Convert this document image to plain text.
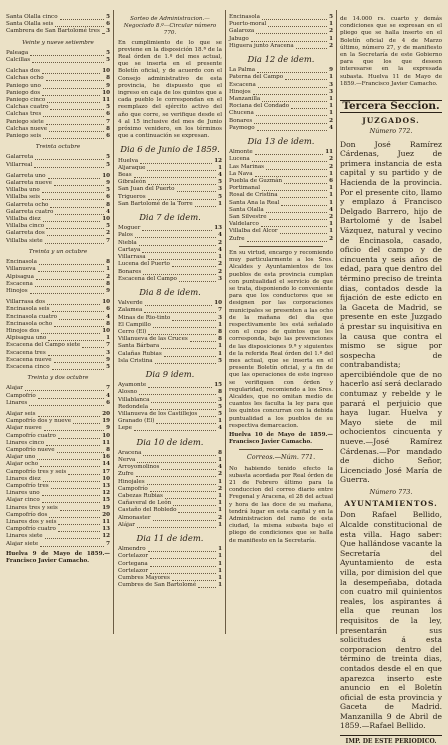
Santa Olalla cinco	5
Santa Olalla seis	6
Cambrera de San Bartolomé tres 3
Veinte y nueve setiembre
Paleaga	5
Calcillas	5
Calchas dos	10
Calchas ocho	8
Paniego uno	9
Paniego dos	10
Paniego cinco	11
Calchas cuatro	5
Calchas tres	6
Paniego siete	7
Calchas nueve	8
Paniego seis	6
Treinta octubre
Galarreta	5
Villarreal	5
Galarreta uno	10
Galarreta nueve	9
Villalba uno	5
Villalba seis	6
Galarreta ocho	8
Galarreta cuatro	4
Villalba diez	10
Villalba cinco	5
Galarreta dos	2
Villalba siete	7
Treinta y un octubre
Encinasola	8
Villanueva	1
Alpisagua	2
Escacena	8
Hinojos	9
Villarrasa dos	10
Encinasola seis	6
Encinasola cuatro	4
Encinasola ocho	8
Hinojos dos	10
Alpisagua uno	1
Escacena del Campo siete	7
Escacena tres	3
Escacena nueve	9
Escacena cinco	5
Treinta y dos octubre
Alajar	7
Campofrío	4
Linares	6
Alajar seis	20
Campofrío dos y nueve	19
Alajar nueve	9
Campofrío cuatro	10
Linares cinco	11
Campofrío nueve	8
Alajar uno	16
Alajar ocho	14
Campofrío tres y seis	17
Linares diez	10
Campofrío tres	13
Linares uno	12
Alajar cinco	15
Linares tres y seis	19
Campofrío dos	20
Linares dos y seis	11
Campofrío cuatro	13
Linares siete	12
Alajar siete	7
Huelva 9 de Mayo de 1859.—Francisco Javier Camacho.
Sorteo de Administracion.—Negociado 8.º—Circular número 770.
En cumplimiento de lo que se previene en la disposición 18.ª de la Real órden de 1.º del mes actual, que se inserta en el presente Boletín oficial, y de acuerdo con el Consejo administrativo de esta provincia, he dispuesto que el ingreso en caja de los quintos que a cada pueblo le correspondan en el reemplazo del ejército activo del año que corre, se verifique desde el 4 al 15 inclusive del mes de Junio próximo venidero, en los términos que a continuación se expresan.
Dia 6 de Junio de 1859.
Huelva	12
Aljaraque	1
Beas	4
Gibraleón	5
San Juan del Puerto	3
Trigueros	5
San Bartolomé de la Torre	1
Dia 7 de idem.
Moguer	13
Palos	4
Niebla	2
Cartaya	4
Villarrasa	1
Lucena del Puerto	2
Bonares	2
Escacena del Campo	3
Dia 8 de idem.
Valverde	10
Zalamea	7
Minas de Rio-tinto	3
El Campillo	1
Cerro (El)	8
Villanueva de las Cruces	8
Santa Bárbara	1
Calañas Rubias	1
Isla Cristina	5
Dia 9 idem.
Ayamonte	15
Alosno	8
Villablanca	3
Redondela	5
Villanueva de los Castillejos	5
Granado (El)	1
Lepe	4
Dia 10 de idem.
Aracena	8
Nerva	1
Arroyomolinos	4
Zufre	2
Hinojales	1
Campofrío	2
Cabezas Rubias	1
Cañaveral de León	1
Castaño del Robledo	1
Almonaster	2
Alájar	1
Dia 11 de idem.
Almendro	1
Cortelazor	1
Cortegana	1
Cortelazor	1
Cumbres Mayores	1
Cumbres de San Bartolomé	1
Encinasola	5
Puerto-moral	1
Galaroza	2
Jabugo	1
Higuera junto Aracena	2
Dia 12 de idem.
La Palma	9
Paterna del Campo	1
Escacena	3
Hinojos	3
Manzanilla	1
Rociana del Condado	1
Chucena	1
Bonares	2
Paymogo	4
Dia 13 de idem.
Almonte	11
Lucena	2
Las Marinas	2
La Nava	1
Puebla de Guzmán	6
Portimanal	1
Rosal de Cristina	1
Santa Ana la Real	1
Santa Olalla	4
San Silvestre	2
Valdelarco	1
Villalba del Alcor	1
Zufre	2
En su virtud, encargo y recomiendo muy particularmente a los Sres. Alcaldes y Ayuntamientos de los pueblos de esta provincia cumplan con puntualidad el servicio de que se trata, disponiendo lo conveniente para que los conductores que se designen por las corporaciones municipales se presenten a las ocho de la mañana del dia que respectivamente les está señalado con el cupo de quintos que les corresponda, bajo las prevenciones de las disposiciones 9.ª y siguientes de la referida Real órden del 1.º del mes actual, que se inserta en el presente Boletín oficial, y a fin de que las operaciones de este ingreso se verifiquen con órden y regularidad, recomiendo a los Sres. Alcaldes, que no omitan medio de cuantos les faculta la ley para que los quintos concurran con la debida puntualidad a los pueblos de su respectiva demarcacion.
Huelva 10 de Mayo de 1859.—Francisco Javier Camacho.
Correos.—Núm. 771.
No habiendo tenido efecto la subasta acordada por Real órden de 21 de Febrero último para la conduccion del correo diario entre Fregenal y Aracena, el 28 del actual y hora de las doce de su mañana, tendrá lugar en esta capital y en la Administracion del ramo de esta ciudad, la misma subasta bajo el pliego de condiciones que se halla de manifiesto en la Secretaría.
de 14.000 rs. cuarto y demás condiciones que se expresan en el pliego que se halla inserto en el Boletín oficial de 4 de Marzo último, número 27, y de manifiesto en la Secretaría de este Gobierno para que los que deseen interesarse en la expresada subasta. Huelva 11 de Mayo de 1859.—Francisco Javier Camacho.
Tercera Seccion.
JUZGADOS.
Número 772.

Don José Ramírez Cárdenas, Juez de primera instancia de esta capital y su partido y de Hacienda de la provincia. Por el presente cito, llamo y emplazo á Francisco Delgado Barrero, hijo de Bartolomé y de Isabel Vázquez, natural y vecino de Encinasola, casado, oficio del campo y de cincuenta y seis años de edad, para que dentro del término preciso de treinta dias, contados desde la fijación de este edicto en la Gaceta de Madrid, se presente en este Juzgado á prestar su inquisitiva en la causa que contra el mismo se sigue por sospecha de contrabandista; apercibiéndole que de no hacerlo así será declarado contumaz y rebelde y le parará el perjuicio que haya lugar. Huelva y Mayo siete de mil ochocientos cincuenta y nueve.—José Ramírez Cárdenas.—Por mandado de dicho Señor, Licenciado José María de Guerra.

Número 773.
AYUNTAMIENTOS.

Don Rafael Bellido, Alcalde constitucional de esta villa. Hago saber: Que hallándose vacante la Secretaría del Ayuntamiento de esta villa, por dimision del que la desempeñaba, dotada con cuatro mil quinientos reales, los aspirantes á ella que reunan los requisitos de la ley, presentarán sus solicitudes á esta corporacion dentro del término de treinta dias, contados desde el en que aparezca inserto este anuncio en el Boletín oficial de esta provincia y Gaceta de Madrid. Manzanilla 9 de Abril de 1859.—Rafael Bellido.

IMP. DE ESTE PERIODICO.
